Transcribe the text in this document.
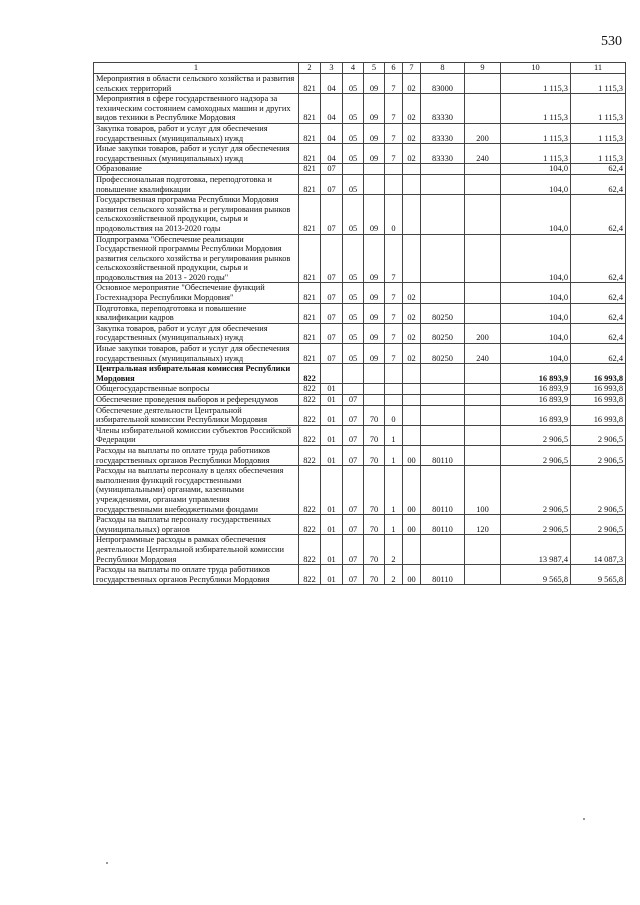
530
1	2	3	4	5	6	7	8	9	10	11
Мероприятия в области сельского хозяйства и развития сельских территорий	821	04	05	09	7	02	83000		1 115,3	1 115,3
Мероприятия в сфере государственного надзора за техническим состоянием самоходных машин и других видов техники в Республике Мордовия	821	04	05	09	7	02	83330		1 115,3	1 115,3
Закупка товаров, работ и услуг для обеспечения государственных (муниципальных) нужд	821	04	05	09	7	02	83330	200	1 115,3	1 115,3
Иные закупки товаров, работ и услуг для обеспечения государственных (муниципальных) нужд	821	04	05	09	7	02	83330	240	1 115,3	1 115,3
Образование	821	07							104,0	62,4
Профессиональная подготовка, переподготовка и повышение квалификации	821	07	05						104,0	62,4
Государственная программа Республики Мордовия развития сельского хозяйства и регулирования рынков сельскохозяйственной продукции, сырья и продовольствия на 2013-2020 годы	821	07	05	09	0				104,0	62,4
Подпрограмма "Обеспечение реализации Государственной программы Республики Мордовия развития сельского хозяйства и регулирования рынков сельскохозяйственной продукции, сырья и продовольствия на 2013 - 2020 годы"	821	07	05	09	7				104,0	62,4
Основное мероприятие "Обеспечение функций Гостехнадзора Республики Мордовия"	821	07	05	09	7	02			104,0	62,4
Подготовка, переподготовка и повышение квалификации кадров	821	07	05	09	7	02	80250		104,0	62,4
Закупка товаров, работ и услуг для обеспечения государственных (муниципальных) нужд	821	07	05	09	7	02	80250	200	104,0	62,4
Иные закупки товаров, работ и услуг для обеспечения государственных (муниципальных) нужд	821	07	05	09	7	02	80250	240	104,0	62,4
Центральная избирательная комиссия Республики Мордовия	822								16 893,9	16 993,8
Общегосударственные вопросы	822	01							16 893,9	16 993,8
Обеспечение проведения выборов и референдумов	822	01	07						16 893,9	16 993,8
Обеспечение деятельности Центральной избирательной комиссии Республики Мордовия	822	01	07	70	0				16 893,9	16 993,8
Члены избирательной комиссии субъектов Российской Федерации	822	01	07	70	1				2 906,5	2 906,5
Расходы на выплаты по оплате труда работников государственных органов Республики Мордовия	822	01	07	70	1	00	80110		2 906,5	2 906,5
Расходы на выплаты персоналу в целях обеспечения выполнения функций государственными (муниципальными) органами, казенными учреждениями, органами управления государственными внебюджетными фондами	822	01	07	70	1	00	80110	100	2 906,5	2 906,5
Расходы на выплаты персоналу государственных (муниципальных) органов	822	01	07	70	1	00	80110	120	2 906,5	2 906,5
Непрограммные расходы в рамках обеспечения деятельности Центральной избирательной комиссии Республики Мордовия	822	01	07	70	2				13 987,4	14 087,3
Расходы на выплаты по оплате труда работников государственных органов Республики Мордовия	822	01	07	70	2	00	80110		9 565,8	9 565,8
